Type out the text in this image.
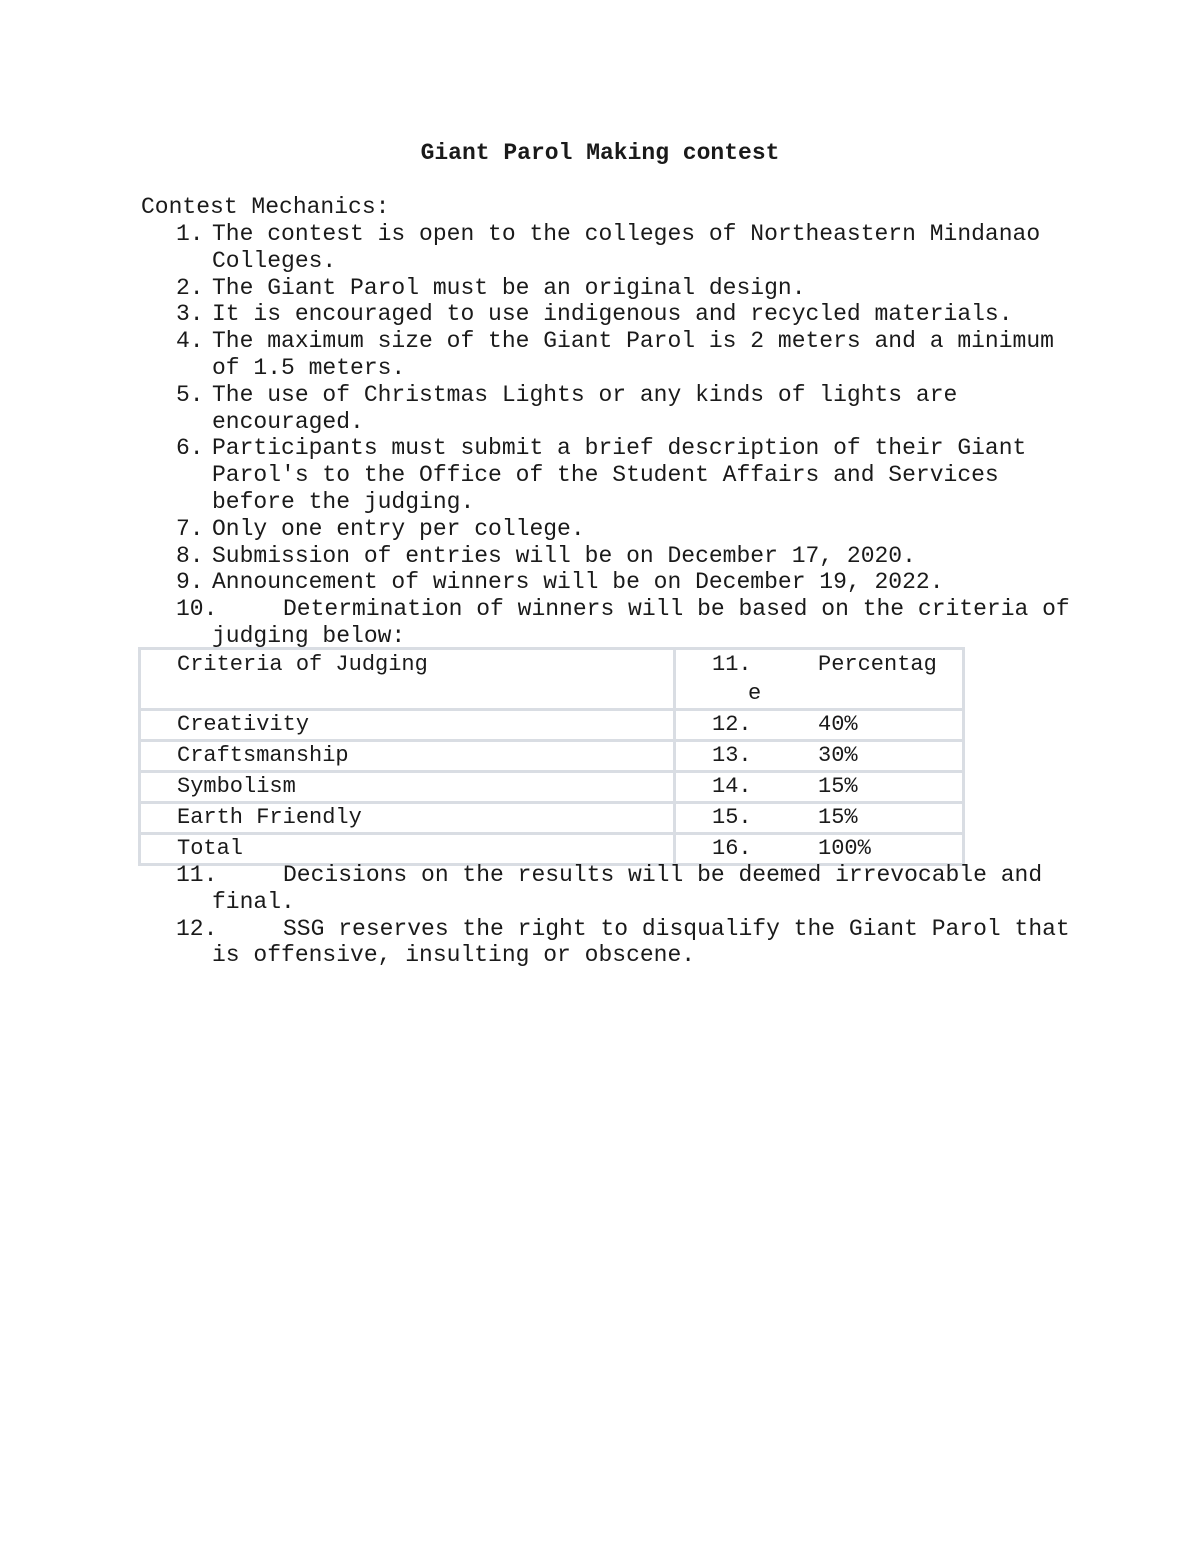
Giant Parol Making contest
Contest Mechanics:
1. The contest is open to the colleges of Northeastern Mindanao Colleges.
2. The Giant Parol must be an original design.
3. It is encouraged to use indigenous and recycled materials.
4. The maximum size of the Giant Parol is 2 meters and a minimum of 1.5 meters.
5. The use of Christmas Lights or any kinds of lights are encouraged.
6. Participants must submit a brief description of their Giant Parol's to the Office of the Student Affairs and Services before the judging.
7. Only one entry per college.
8. Submission of entries will be on December 17, 2020.
9. Announcement of winners will be on December 19, 2022.
10.	Determination of winners will be based on the criteria of judging below:
Criteria of Judging	11. Percentag
e

Creativity	12. 40%
Craftsmanship	13. 30%
Symbolism	14. 15%
Earth Friendly	15. 15%
Total	16. 100%
11.	Decisions on the results will be deemed irrevocable and final.
12.	SSG reserves the right to disqualify the Giant Parol that is offensive, insulting or obscene.
